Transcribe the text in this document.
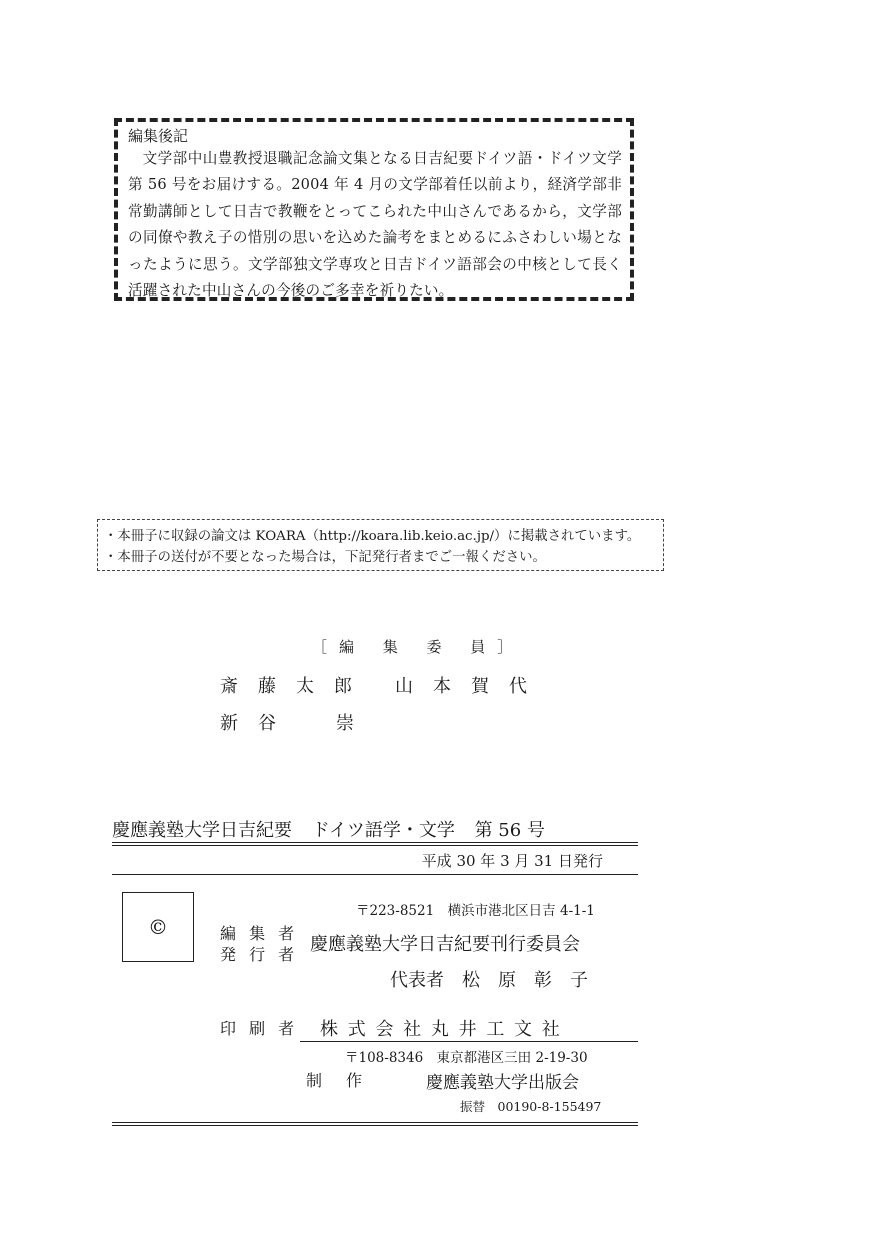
編集後記
文学部中山豊教授退職記念論文集となる日吉紀要ドイツ語・ドイツ文学第 56 号をお届けする。2004 年 4 月の文学部着任以前より，経済学部非常勤講師として日吉で教鞭をとってこられた中山さんであるから，文学部の同僚や教え子の惜別の思いを込めた論考をまとめるにふさわしい場となったように思う。文学部独文学専攻と日吉ドイツ語部会の中核として長く活躍された中山さんの今後のご多幸を祈りたい。
・本冊子に収録の論文は KOARA（http://koara.lib.keio.ac.jp/）に掲載されています。
・本冊子の送付が不要となった場合は，下記発行者までご一報ください。
［編 集 委 員］
斎藤太郎 山本賀代
新谷 崇
慶應義塾大学日吉紀要 ドイツ語学・文学 第 56 号
平成 30 年 3 月 31 日発行
©
〒223-8521　横浜市港北区日吉 4-1-1
編 集 者
発 行 者 慶應義塾大学日吉紀要刊行委員会
代表者　松　原　彰　子
印 刷 者 株 式 会 社 丸 井 工 文 社
〒108-8346　東京都港区三田 2-19-30
制　作	慶應義塾大学出版会
振替　00190-8-155497
